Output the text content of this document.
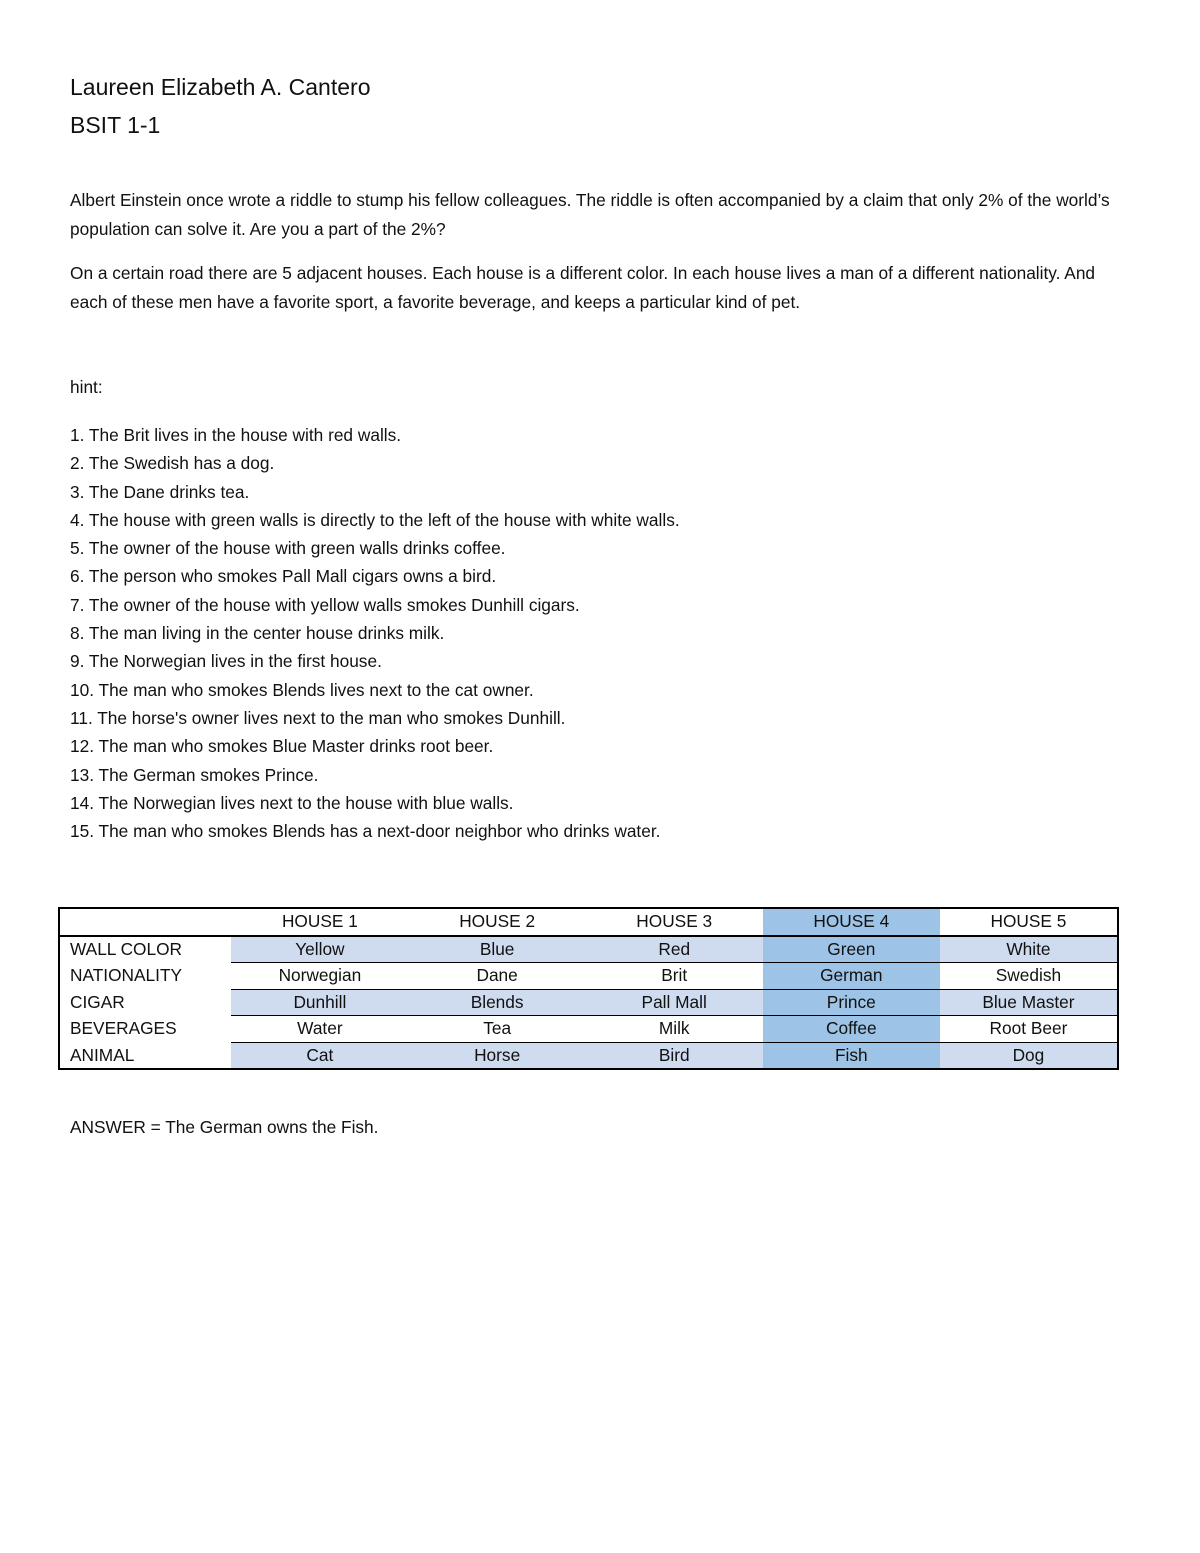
Laureen Elizabeth A. Cantero
BSIT 1-1
Albert Einstein once wrote a riddle to stump his fellow colleagues. The riddle is often accompanied by a claim that only 2% of the world’s population can solve it. Are you a part of the 2%?
On a certain road there are 5 adjacent houses. Each house is a different color. In each house lives a man of a different nationality. And each of these men have a favorite sport, a favorite beverage, and keeps a particular kind of pet.
hint:
1. The Brit lives in the house with red walls.
2. The Swedish has a dog.
3. The Dane drinks tea.
4. The house with green walls is directly to the left of the house with white walls.
5. The owner of the house with green walls drinks coffee.
6. The person who smokes Pall Mall cigars owns a bird.
7. The owner of the house with yellow walls smokes Dunhill cigars.
8. The man living in the center house drinks milk.
9. The Norwegian lives in the first house.
10. The man who smokes Blends lives next to the cat owner.
11. The horse's owner lives next to the man who smokes Dunhill.
12. The man who smokes Blue Master drinks root beer.
13. The German smokes Prince.
14. The Norwegian lives next to the house with blue walls.
15. The man who smokes Blends has a next-door neighbor who drinks water.
	HOUSE 1	HOUSE 2	HOUSE 3	HOUSE 4	HOUSE 5
WALL COLOR	Yellow	Blue	Red	Green	White
NATIONALITY	Norwegian	Dane	Brit	German	Swedish
CIGAR	Dunhill	Blends	Pall Mall	Prince	Blue Master
BEVERAGES	Water	Tea	Milk	Coffee	Root Beer
ANIMAL	Cat	Horse	Bird	Fish	Dog
ANSWER = The German owns the Fish.
